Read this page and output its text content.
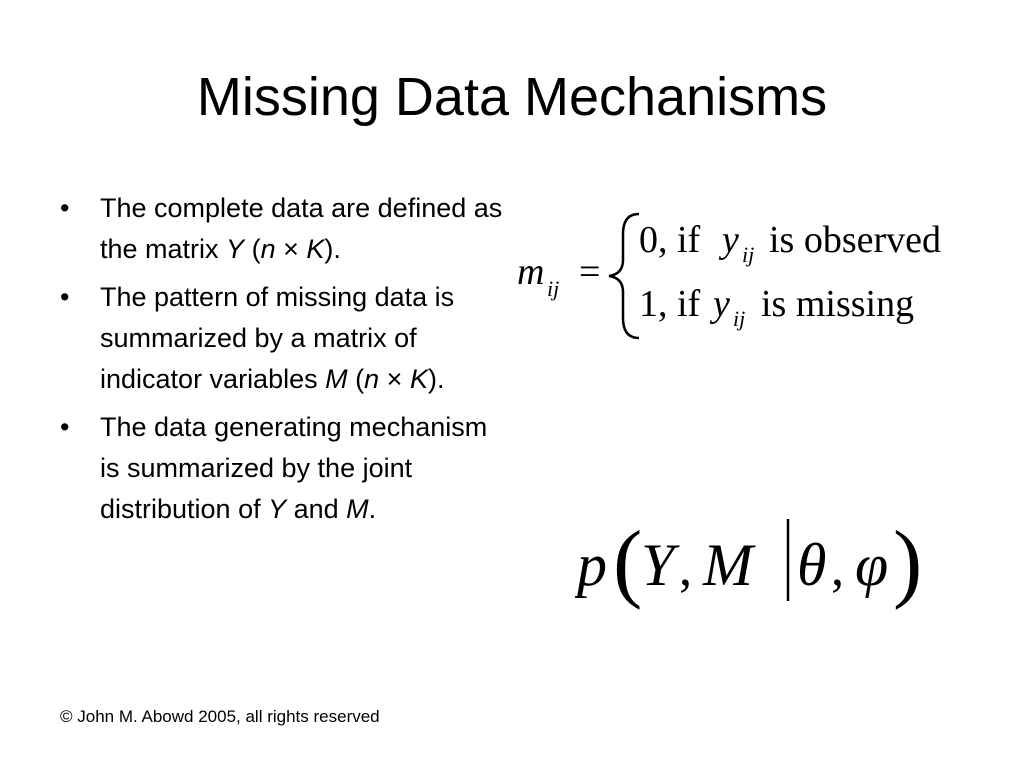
Missing Data Mechanisms
• The complete data are defined as the matrix Y (n × K).
• The pattern of missing data is summarized by a matrix of indicator variables M (n × K).
• The data generating mechanism is summarized by the joint distribution of Y and M.
m ij =
0, if y ij is observed
1, if y ij is missing
p (
Y , M θ , φ )
© John M. Abowd 2005, all rights reserved
